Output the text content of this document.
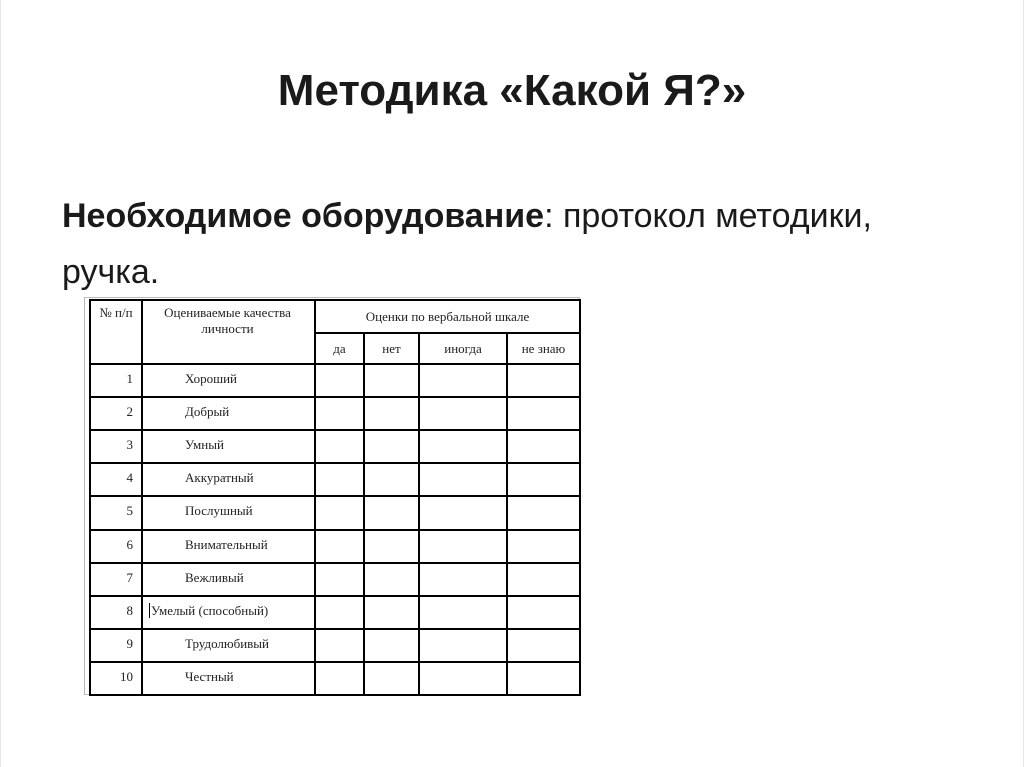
Методика «Какой Я?»

Необходимое оборудование: протокол методики, ручка.

№ п/п	Оцениваемые качества личности
Оценки по вербальной шкале
да	нет	иногда	не знаю
1	Хороший
2	Добрый
3	Умный
4	Аккуратный
5	Послушный
6	Внимательный
7	Вежливый
8	Умелый (способный)
9	Трудолюбивый
10	Честный
